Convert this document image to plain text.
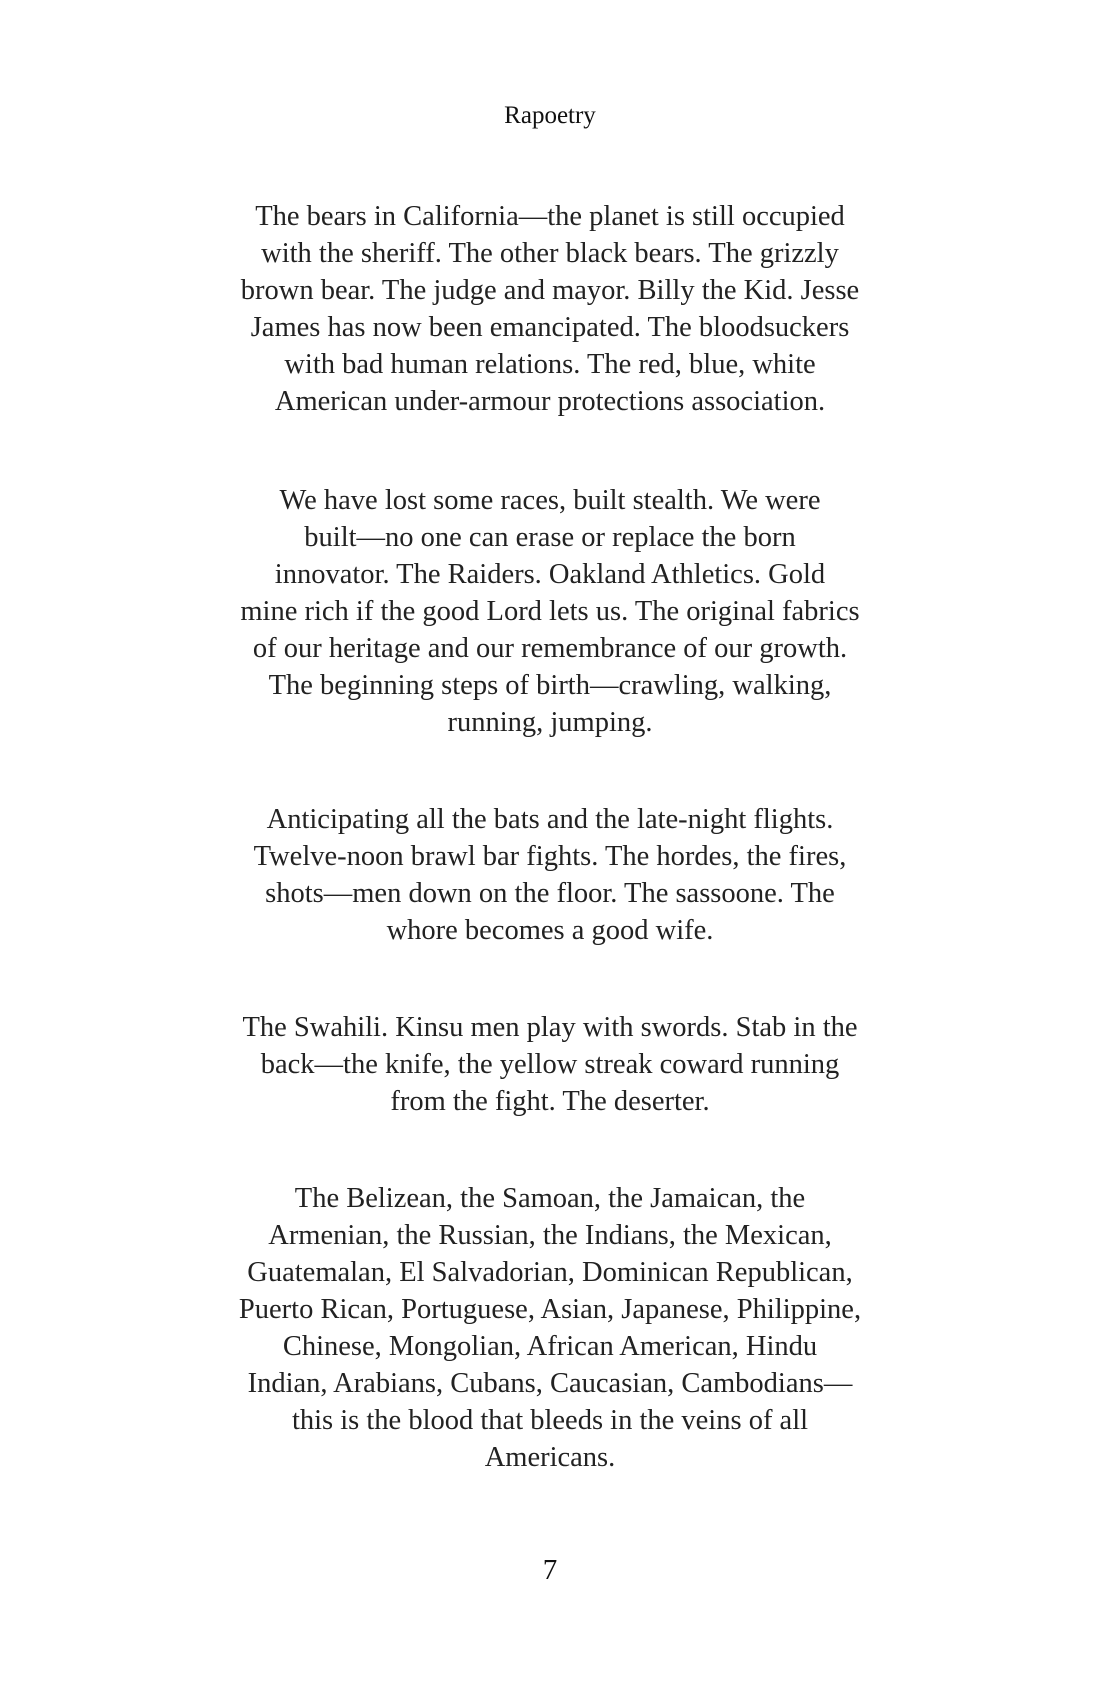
Rapoetry
The bears in California—the planet is still occupied
with the sheriff. The other black bears. The grizzly
brown bear. The judge and mayor. Billy the Kid. Jesse
James has now been emancipated. The bloodsuckers
with bad human relations. The red, blue, white
American under-armour protections association.
We have lost some races, built stealth. We were
built—no one can erase or replace the born
innovator. The Raiders. Oakland Athletics. Gold
mine rich if the good Lord lets us. The original fabrics
of our heritage and our remembrance of our growth.
The beginning steps of birth—crawling, walking,
running, jumping.
Anticipating all the bats and the late-night flights.
Twelve-noon brawl bar fights. The hordes, the fires,
shots—men down on the floor. The sassoone. The
whore becomes a good wife.
The Swahili. Kinsu men play with swords. Stab in the
back—the knife, the yellow streak coward running
from the fight. The deserter.
The Belizean, the Samoan, the Jamaican, the
Armenian, the Russian, the Indians, the Mexican,
Guatemalan, El Salvadorian, Dominican Republican,
Puerto Rican, Portuguese, Asian, Japanese, Philippine,
Chinese, Mongolian, African American, Hindu
Indian, Arabians, Cubans, Caucasian, Cambodians—
this is the blood that bleeds in the veins of all
Americans.
7
